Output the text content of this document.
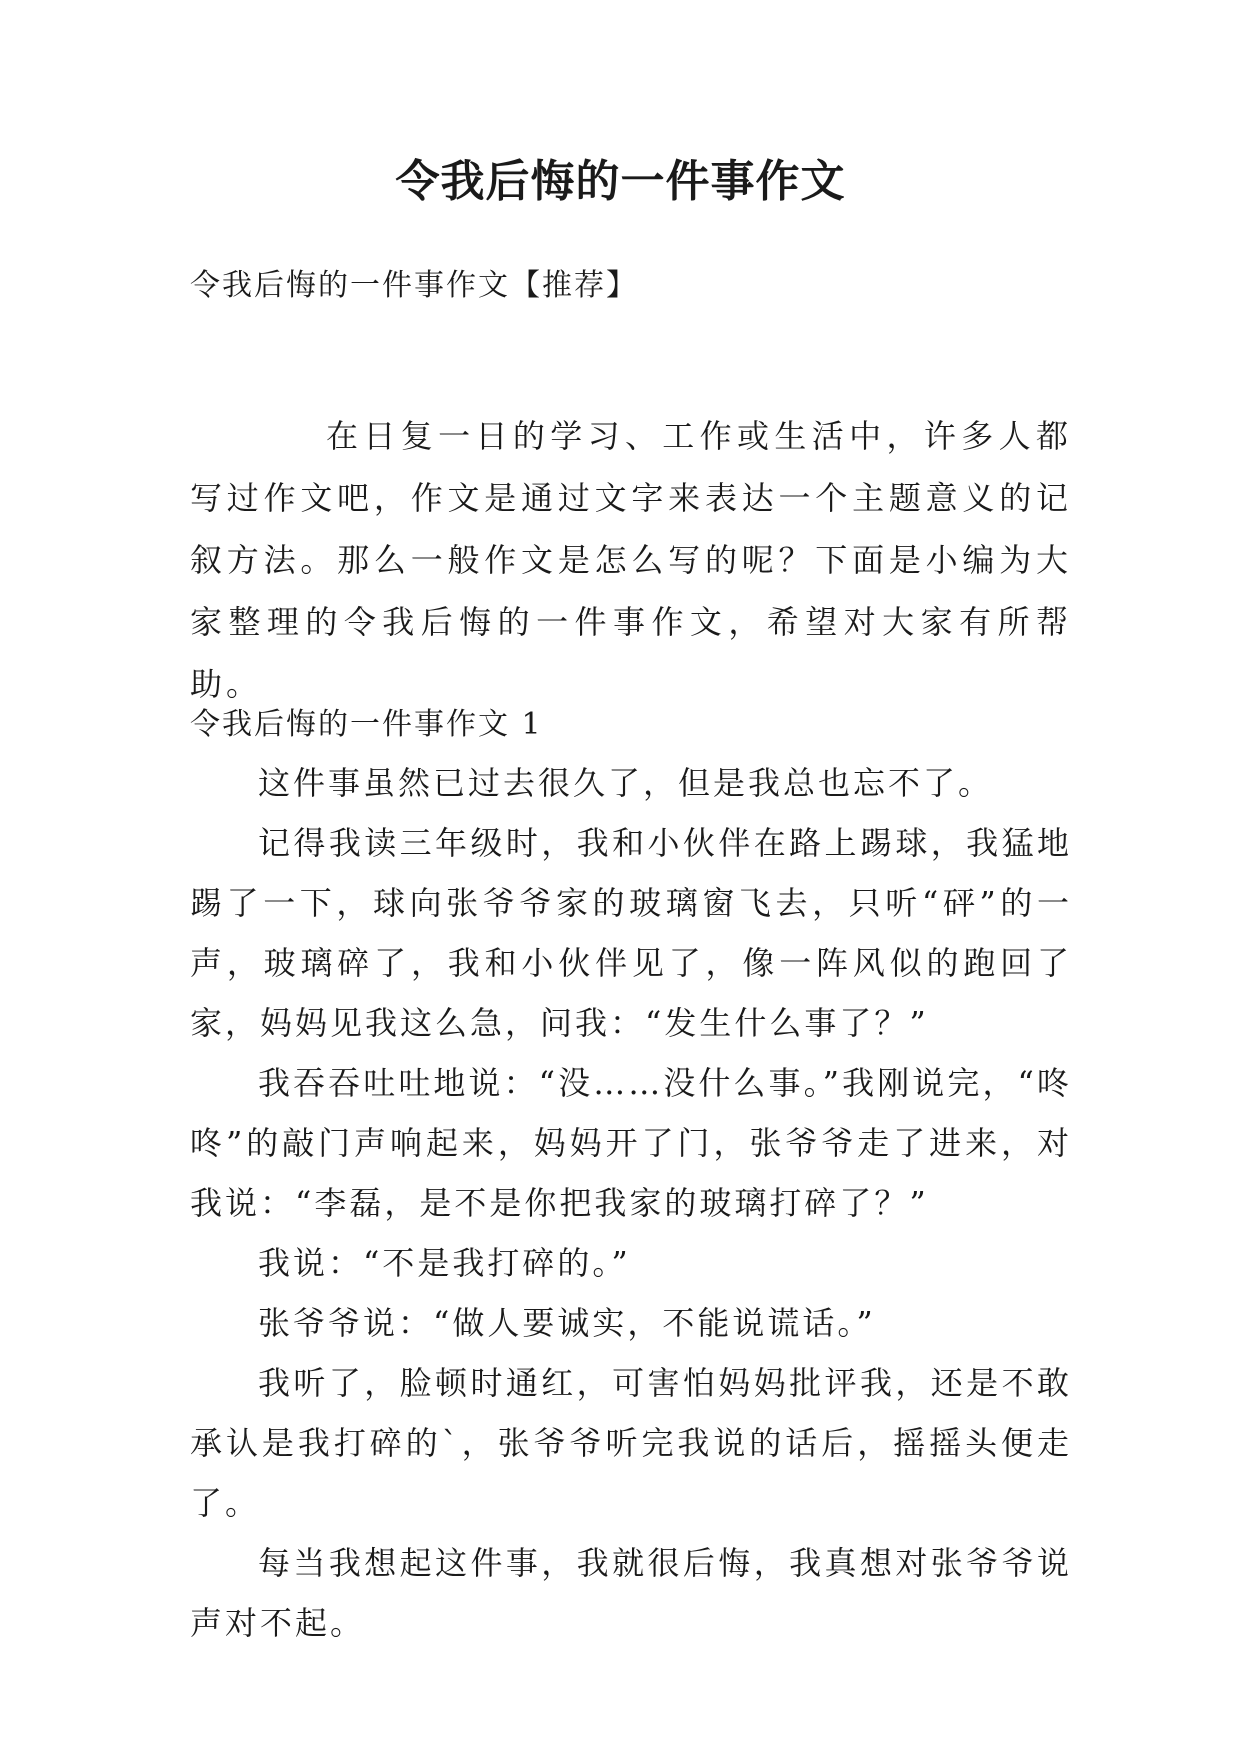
令我后悔的一件事作文

令我后悔的一件事作文【推荐】

在日复一日的学习、工作或生活中，许多人都写过作文吧，作文是通过文字来表达一个主题意义的记叙方法。那么一般作文是怎么写的呢？下面是小编为大家整理的令我后悔的一件事作文，希望对大家有所帮助。

令我后悔的一件事作文 1

这件事虽然已过去很久了，但是我总也忘不了。

记得我读三年级时，我和小伙伴在路上踢球，我猛地踢了一下，球向张爷爷家的玻璃窗飞去，只听“砰”的一声，玻璃碎了，我和小伙伴见了，像一阵风似的跑回了家，妈妈见我这么急，问我：“发生什么事了？”

我吞吞吐吐地说：“没……没什么事。”我刚说完，“咚咚”的敲门声响起来，妈妈开了门，张爷爷走了进来，对我说：“李磊，是不是你把我家的玻璃打碎了？”

我说：“不是我打碎的。”

张爷爷说：“做人要诚实，不能说谎话。”

我听了，脸顿时通红，可害怕妈妈批评我，还是不敢承认是我打碎的`，张爷爷听完我说的话后，摇摇头便走了。

每当我想起这件事，我就很后悔，我真想对张爷爷说声对不起。
